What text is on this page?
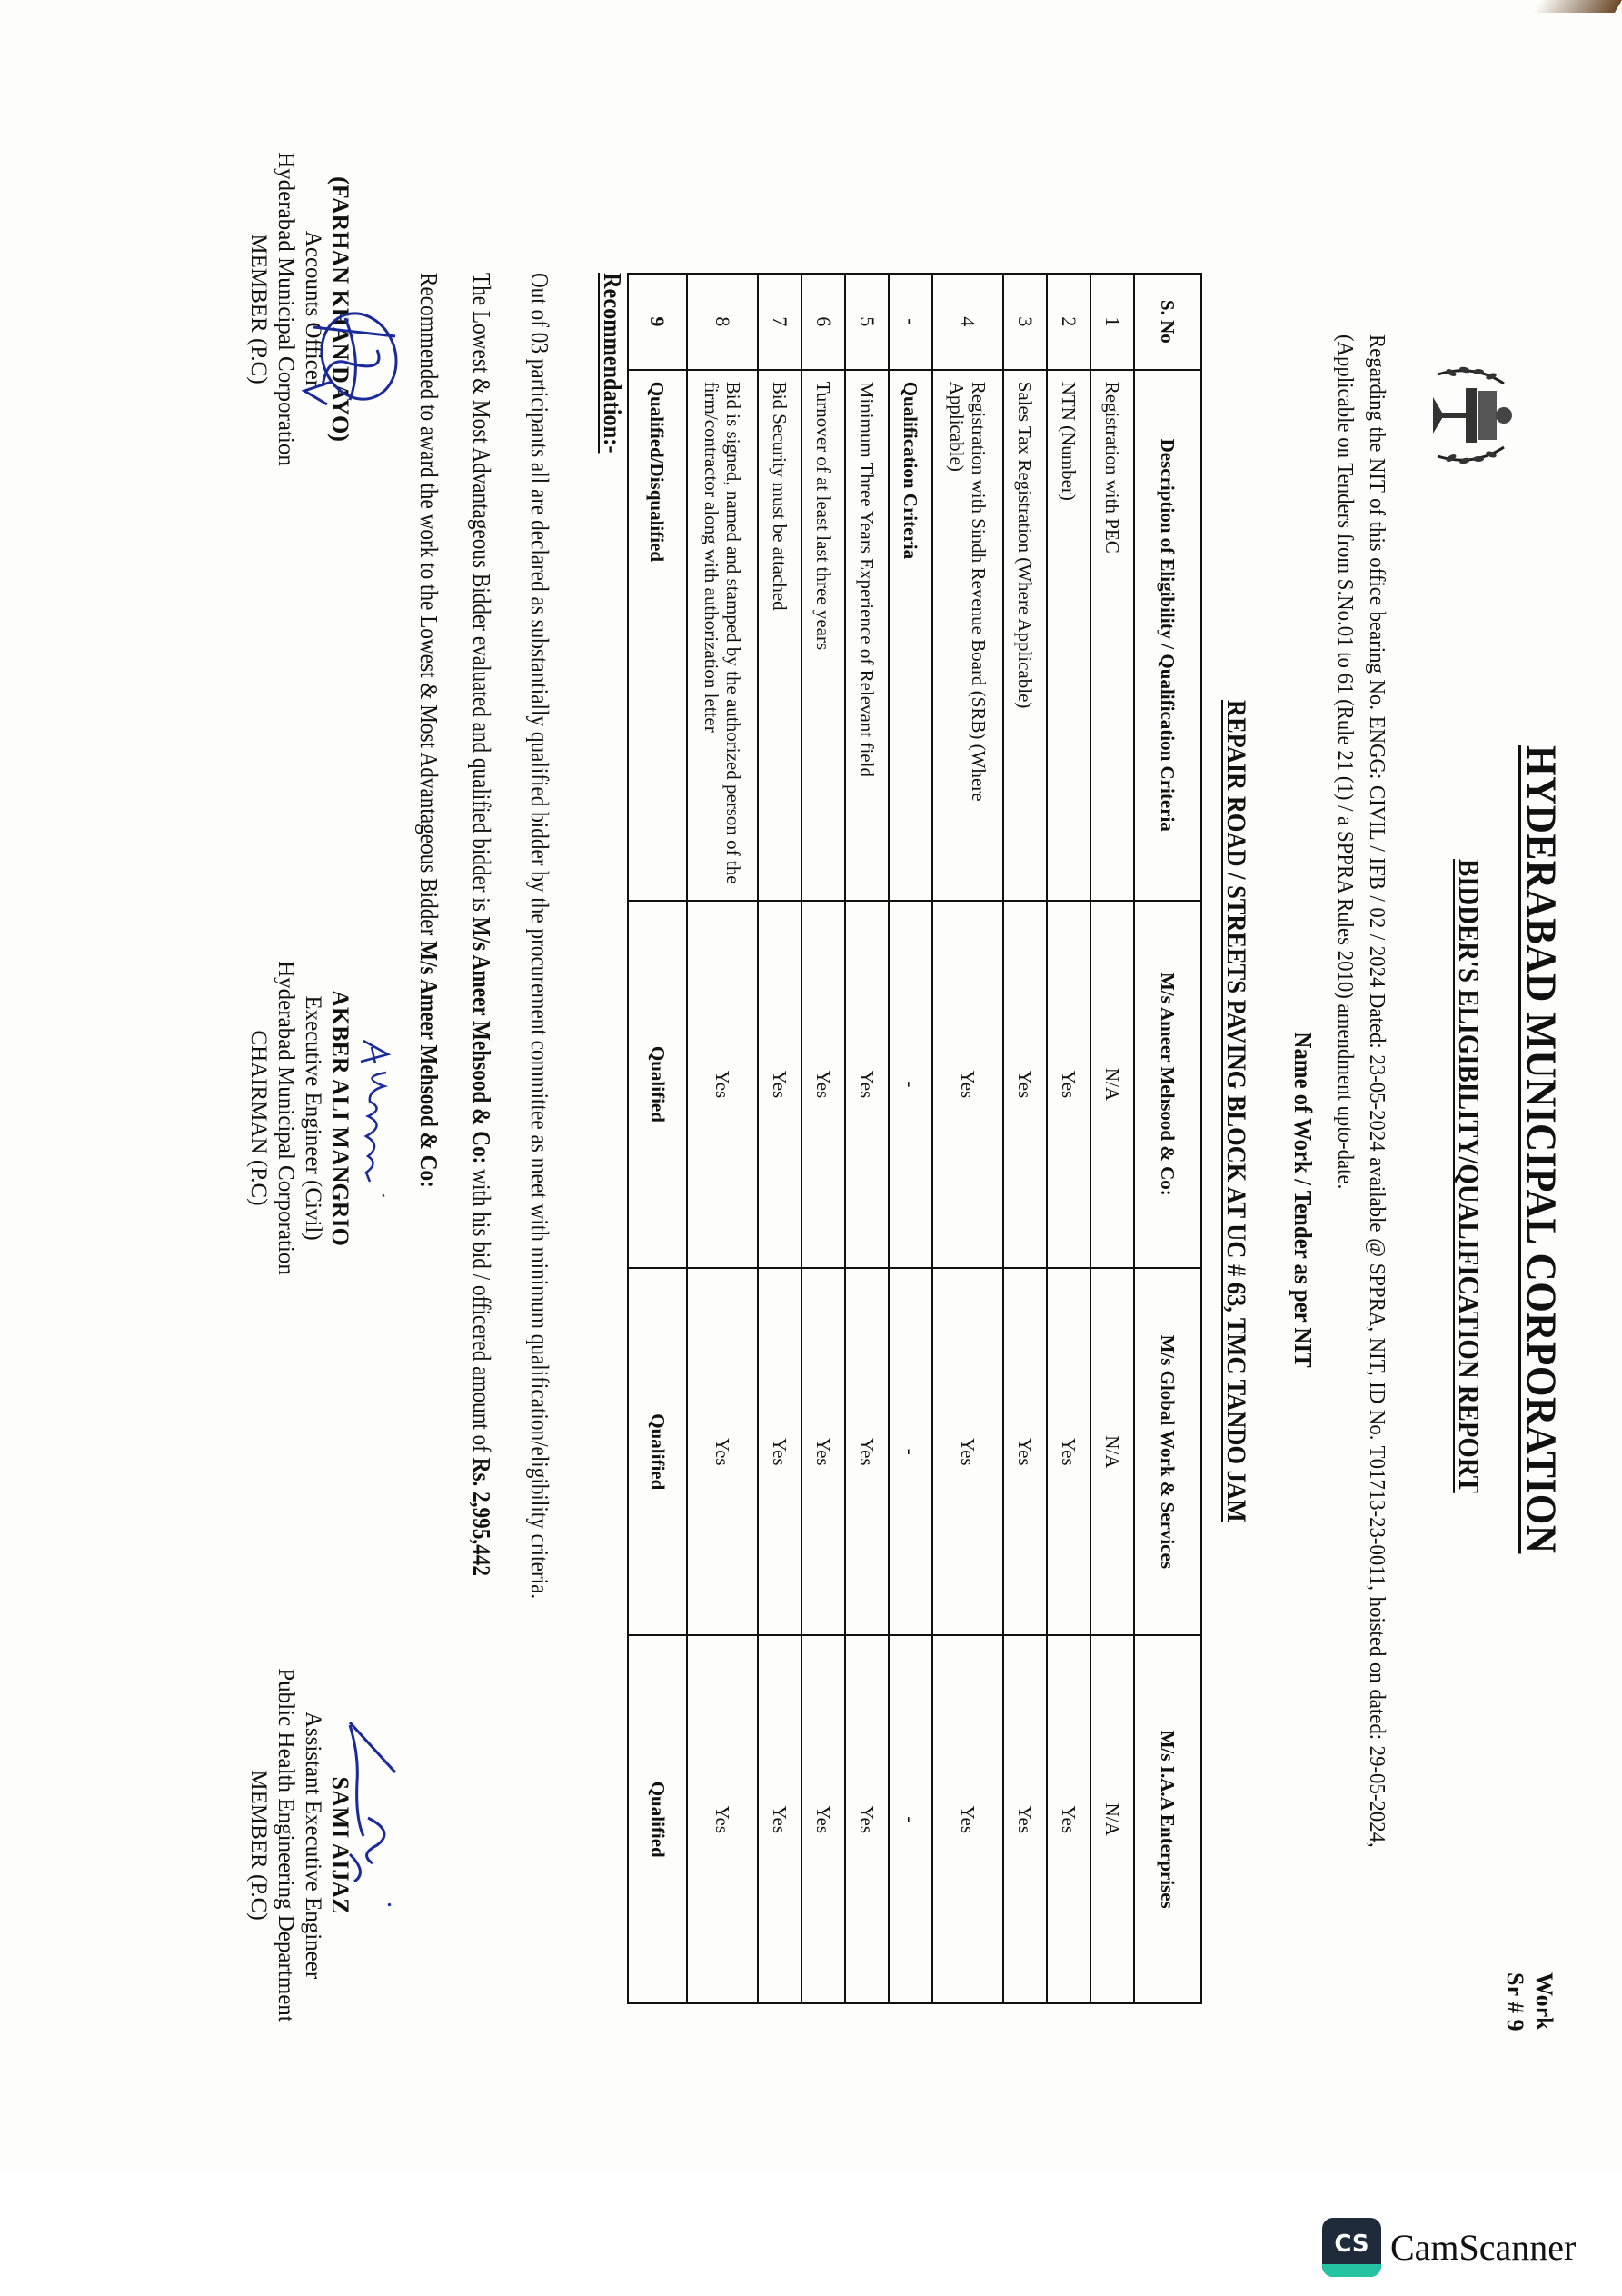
HYDERABAD MUNICIPAL CORPORATION
BIDDER'S ELIGIBILITY/QUALIFICATION REPORT
Work
Sr # 9
Regarding the NIT of this office bearing No. ENGG: CIVIL / IFB / 02 / 2024 Dated: 23-05-2024 available @ SPPRA, NIT, ID No. T01713-23-0011, hoisted on dated: 29-05-2024, (Applicable on Tenders from S.No.01 to 61 (Rule 21 (1) / a SPPRA Rules 2010) amendment upto-date.
Name of Work / Tender as per NIT
REPAIR ROAD / STREETS PAVING BLOCK AT UC # 63, TMC TANDO JAM
S. No	Description of Eligibility / Qualification Criteria	M/s Ameer Mehsood & Co:	M/s Global Work & Services	M/s I.A.A Enterprises
1	Registration with PEC	N/A	N/A	N/A
2	NTN (Number)	Yes	Yes	Yes
3	Sales Tax Registration (Where Applicable)	Yes	Yes	Yes
4	Registration with Sindh Revenue Board (SRB) (Where Applicable)	Yes	Yes	Yes
-	Qualification Criteria	-	-	-
5	Minimum Three Years Experience of Relevant field	Yes	Yes	Yes
6	Turnover of at least last three years	Yes	Yes	Yes
7	Bid Security must be attached	Yes	Yes	Yes
8	Bid is signed, named and stamped by the authorized person of the firm/contractor along with authorization letter	Yes	Yes	Yes
9	Qualified/Disqualified	Qualified	Qualified	Qualified
Recommendation:-
Out of 03 participants all are declared as substantially qualified bidder by the procurement committee as meet with minimum qualification/eligibility criteria.
The Lowest & Most Advantageous Bidder evaluated and qualified bidder is M/s Ameer Mehsood & Co: with his bid / officered amount of Rs. 2,995,442
Recommended to award the work to the Lowest & Most Advantageous Bidder M/s Ameer Mehsood & Co:
(FARHAN KHAN DAYO)
Accounts Officer
Hyderabad Municipal Corporation
MEMBER (P.C)
AKBER ALI MANGRIO
Executive Engineer (Civil)
Hyderabad Municipal Corporation
CHAIRMAN (P.C)
SAMI AIJAZ
Assistant Executive Engineer
Public Health Engineering Department
MEMBER (P.C)
CS CamScanner
